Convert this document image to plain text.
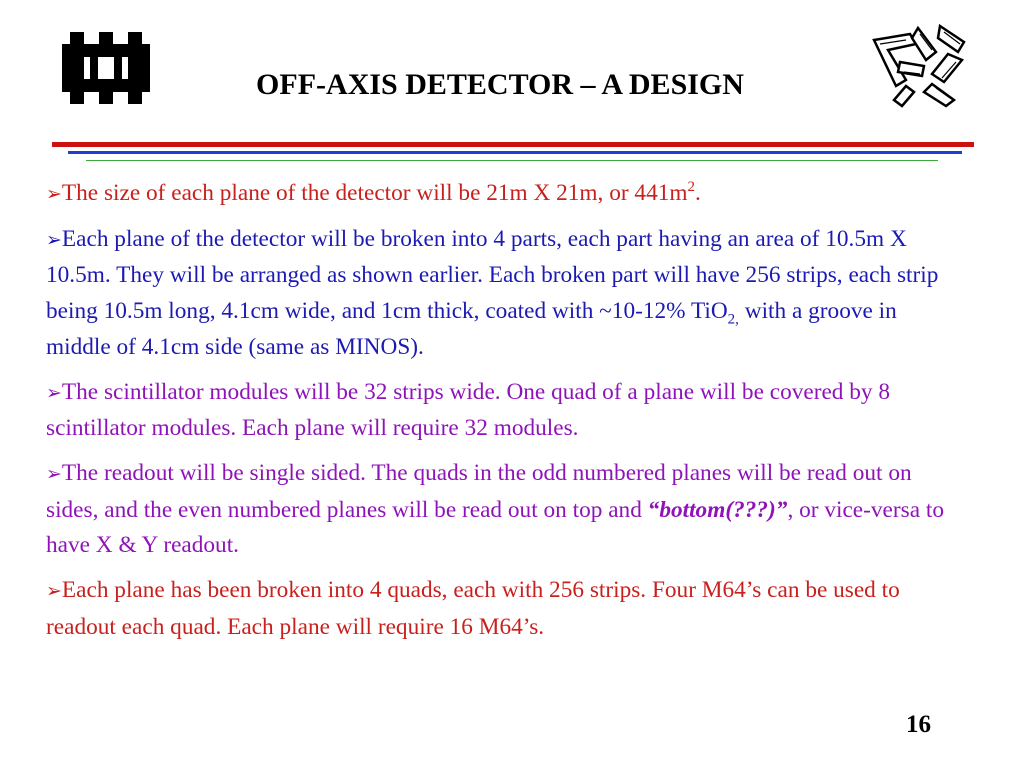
OFF-AXIS DETECTOR – A DESIGN

➢The size of each plane of the detector will be 21m X 21m, or $441m^2$.

➢Each plane of the detector will be broken into 4 parts, each part having an area of 10.5m X 10.5m. They will be arranged as shown earlier. Each broken part will have 256 strips, each strip being 10.5m long, 4.1cm wide, and 1cm thick, coated with ~10-12% TiO$_{2,}$ with a groove in middle of 4.1cm side (same as MINOS).

➢The scintillator modules will be 32 strips wide. One quad of a plane will be covered by 8 scintillator modules. Each plane will require 32 modules.

➢The readout will be single sided. The quads in the odd numbered planes will be read out on sides, and the even numbered planes will be read out on top and “bottom(???)”, or vice-versa to have X & Y readout.

➢Each plane has been broken into 4 quads, each with 256 strips. Four M64’s can be used to readout each quad. Each plane will require 16 M64’s.

16
